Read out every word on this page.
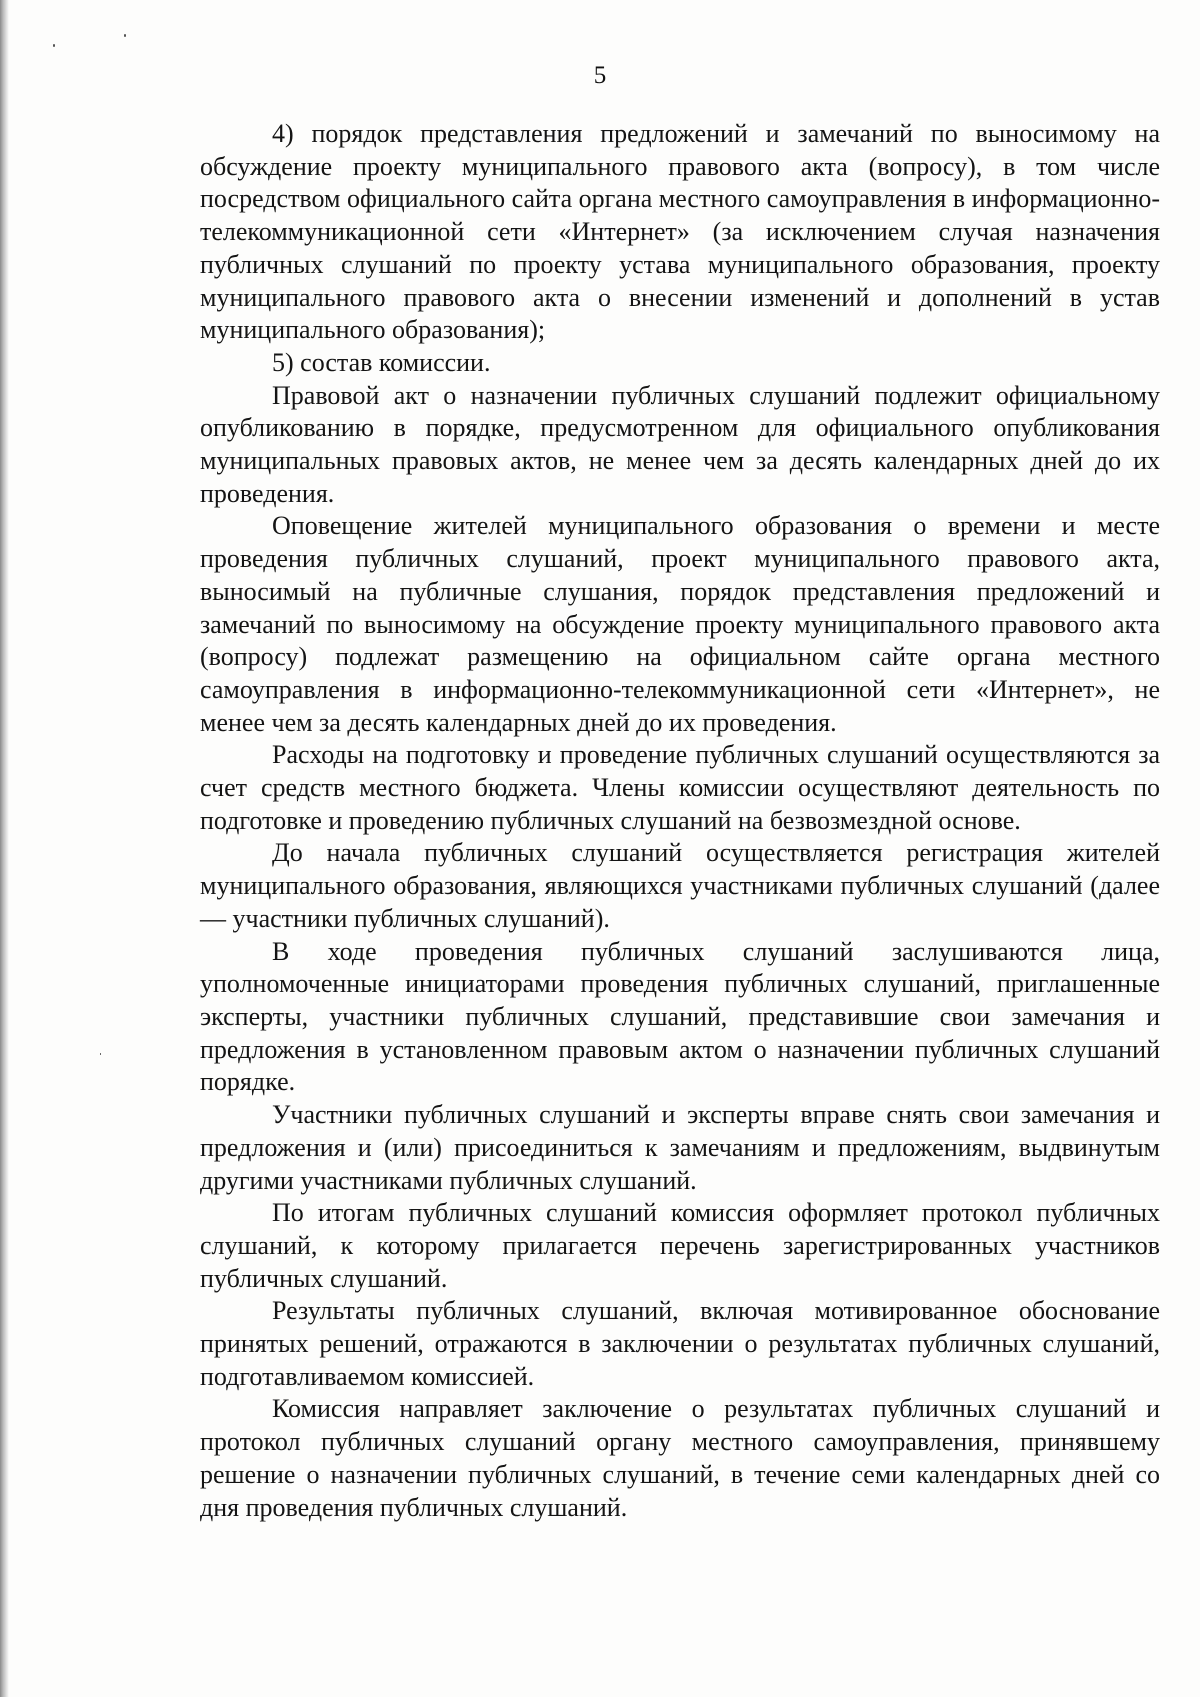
5

4) порядок представления предложений и замечаний по выносимому на обсуждение проекту муниципального правового акта (вопросу), в том числе посредством официального сайта органа местного самоуправления в информационно-телекоммуникационной сети «Интернет» (за исключением случая назначения публичных слушаний по проекту устава муниципального образования, проекту муниципального правового акта о внесении изменений и дополнений в устав муниципального образования);

5) состав комиссии.

Правовой акт о назначении публичных слушаний подлежит официальному опубликованию в порядке, предусмотренном для официального опубликования муниципальных правовых актов, не менее чем за десять календарных дней до их проведения.

Оповещение жителей муниципального образования о времени и месте проведения публичных слушаний, проект муниципального правового акта, выносимый на публичные слушания, порядок представления предложений и замечаний по выносимому на обсуждение проекту муниципального правового акта (вопросу) подлежат размещению на официальном сайте органа местного самоуправления в информационно-телекоммуникационной сети «Интернет», не менее чем за десять календарных дней до их проведения.

Расходы на подготовку и проведение публичных слушаний осуществляются за счет средств местного бюджета. Члены комиссии осуществляют деятельность по подготовке и проведению публичных слушаний на безвозмездной основе.

До начала публичных слушаний осуществляется регистрация жителей муниципального образования, являющихся участниками публичных слушаний (далее — участники публичных слушаний).

В ходе проведения публичных слушаний заслушиваются лица, уполномоченные инициаторами проведения публичных слушаний, приглашенные эксперты, участники публичных слушаний, представившие свои замечания и предложения в установленном правовым актом о назначении публичных слушаний порядке.

Участники публичных слушаний и эксперты вправе снять свои замечания и предложения и (или) присоединиться к замечаниям и предложениям, выдвинутым другими участниками публичных слушаний.

По итогам публичных слушаний комиссия оформляет протокол публичных слушаний, к которому прилагается перечень зарегистрированных участников публичных слушаний.

Результаты публичных слушаний, включая мотивированное обоснование принятых решений, отражаются в заключении о результатах публичных слушаний, подготавливаемом комиссией.

Комиссия направляет заключение о результатах публичных слушаний и протокол публичных слушаний органу местного самоуправления, принявшему решение о назначении публичных слушаний, в течение семи календарных дней со дня проведения публичных слушаний.
